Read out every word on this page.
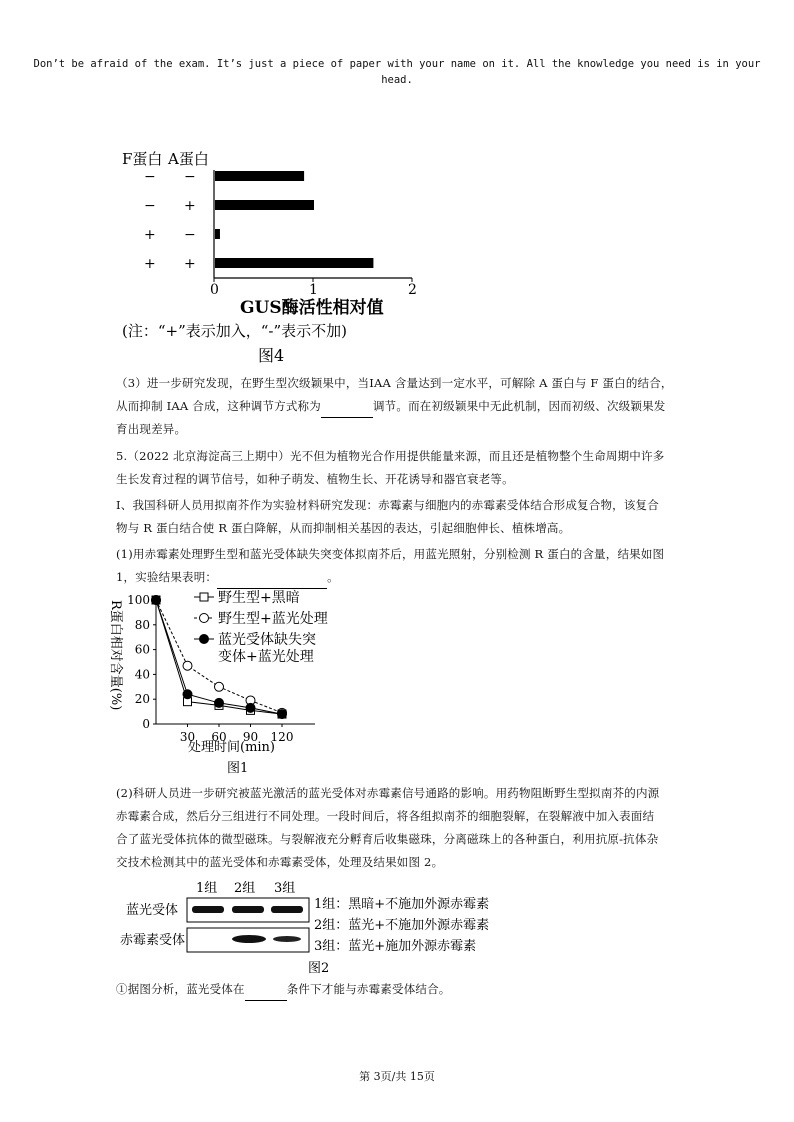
Don’t be afraid of the exam. It’s just a piece of paper with your name on it. All the knowledge you need is in your
head.
F蛋白 A蛋白
− −
− +
+ −
+ +
0	1	2
GUS酶活性相对值
(注：“+”表示加入，“-”表示不加)
图4
（3）进一步研究发现，在野生型次级颖果中，当IAA 含量达到一定水平，可解除 A 蛋白与 F 蛋白的结合，
从而抑制 IAA 合成，这种调节方式称为	调节。而在初级颖果中无此机制，因而初级、次级颖果发
育出现差异。
5.（2022 北京海淀高三上期中）光不但为植物光合作用提供能量来源，而且还是植物整个生命周期中许多
生长发育过程的调节信号，如种子萌发、植物生长、开花诱导和器官衰老等。
I、我国科研人员用拟南芥作为实验材料研究发现：赤霉素与细胞内的赤霉素受体结合形成复合物，该复合
物与 R 蛋白结合使 R 蛋白降解，从而抑制相关基因的表达，引起细胞伸长、植株增高。
(1)用赤霉素处理野生型和蓝光受体缺失突变体拟南芥后，用蓝光照射，分别检测 R 蛋白的含量，结果如图
1，实验结果表明：	。
R蛋白相对含量(%)
0
20
40
60
80
100
30 60 90 120
野生型+黑暗
野生型+蓝光处理
蓝光受体缺失突
变体+蓝光处理
处理时间(min)
图1
(2)科研人员进一步研究被蓝光激活的蓝光受体对赤霉素信号通路的影响。用药物阻断野生型拟南芥的内源
赤霉素合成，然后分三组进行不同处理。一段时间后，将各组拟南芥的细胞裂解，在裂解液中加入表面结
合了蓝光受体抗体的微型磁珠。与裂解液充分孵育后收集磁珠，分离磁珠上的各种蛋白，利用抗原-抗体杂
交技术检测其中的蓝光受体和赤霉素受体，处理及结果如图 2。
1组 2组 3组
蓝光受体
赤霉素受体
1组：黑暗+不施加外源赤霉素
2组：蓝光+不施加外源赤霉素
3组：蓝光+施加外源赤霉素
图2
①据图分析，蓝光受体在	条件下才能与赤霉素受体结合。
第 3页/共 15页
